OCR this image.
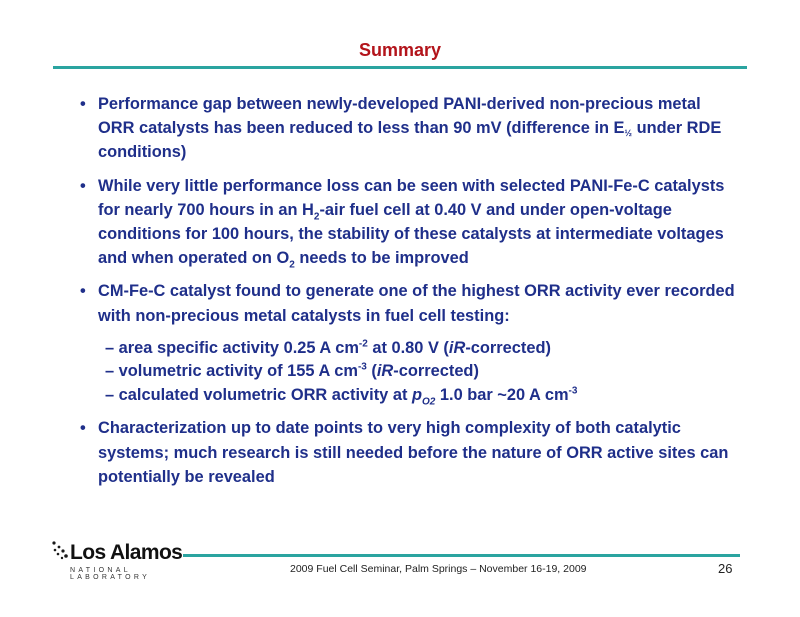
Summary
• Performance gap between newly-developed PANI-derived non-precious metal ORR catalysts has been reduced to less than 90 mV (difference in $E_{\frac{1}{2}}$ under RDE conditions)
• While very little performance loss can be seen with selected PANI-Fe-C catalysts for nearly 700 hours in an $H_2$-air fuel cell at 0.40 V and under open-voltage conditions for 100 hours, the stability of these catalysts at intermediate voltages and when operated on $O_2$ needs to be improved
• CM-Fe-C catalyst found to generate one of the highest ORR activity ever recorded with non-precious metal catalysts in fuel cell testing:
– area specific activity 0.25 A $cm^{-2}$ at 0.80 V (iR-corrected)
– volumetric activity of 155 A $cm^{-3}$ (iR-corrected)
– calculated volumetric ORR activity at $p_{O2}$ 1.0 bar ~20 A $cm^{-3}$
• Characterization up to date points to very high complexity of both catalytic systems; much research is still needed before the nature of ORR active sites can potentially be revealed
Los Alamos
NATIONAL LABORATORY
2009 Fuel Cell Seminar, Palm Springs – November 16-19, 2009	26
